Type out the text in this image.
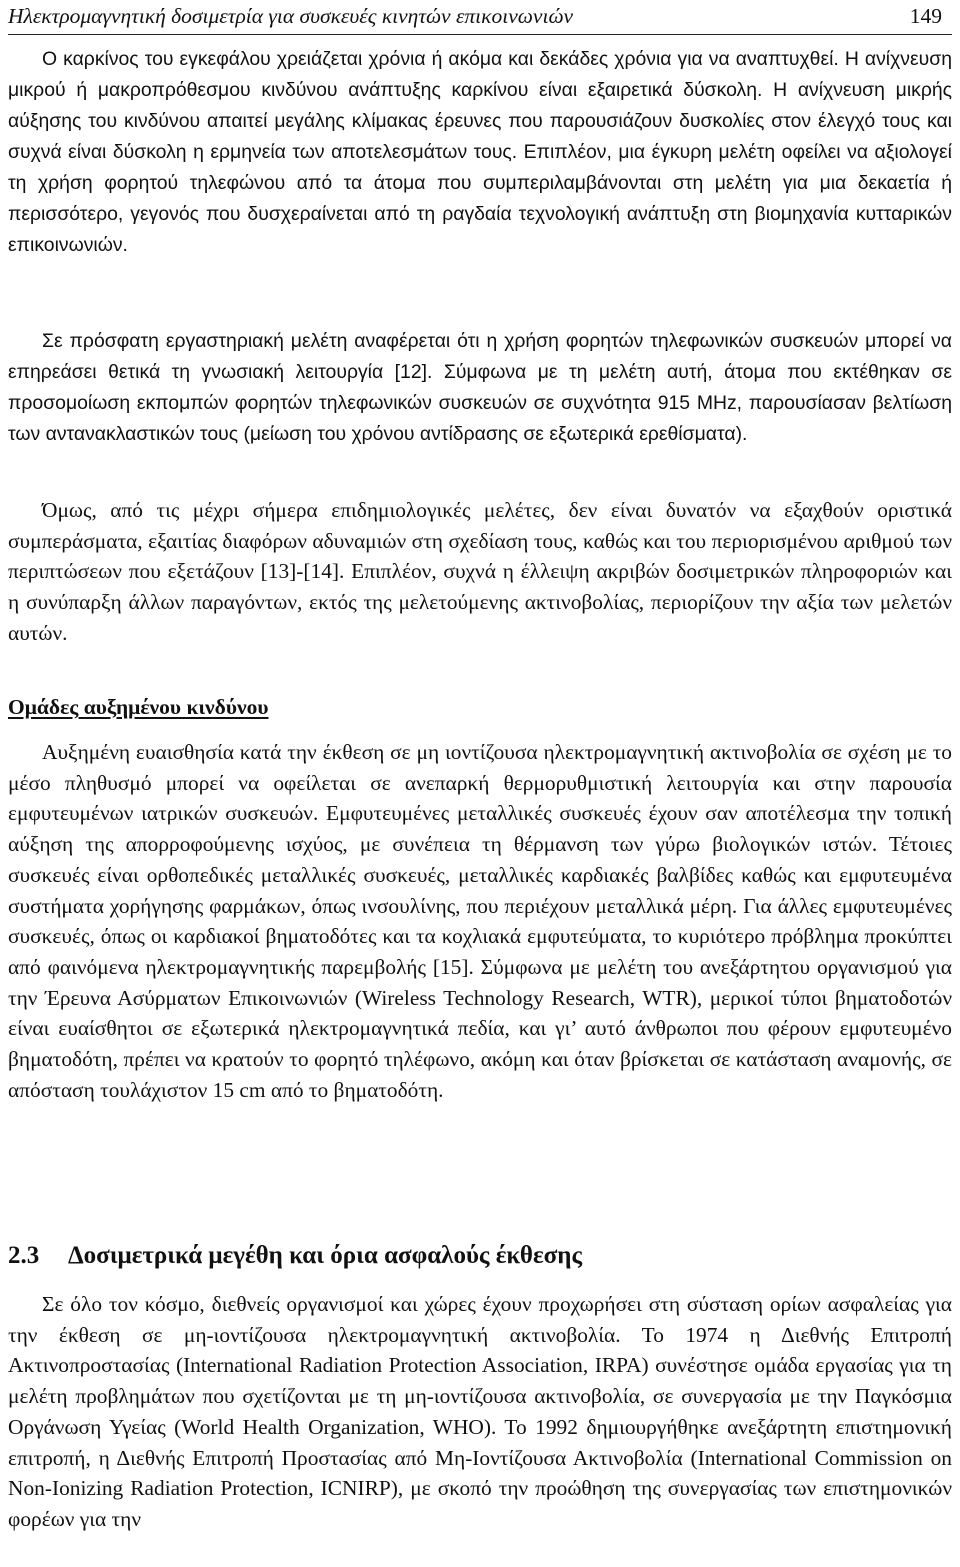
Ηλεκτρομαγνητική δοσιμετρία για συσκευές κινητών επικοινωνιών	149

Ο καρκίνος του εγκεφάλου χρειάζεται χρόνια ή ακόμα και δεκάδες χρόνια για να αναπτυχθεί. Η ανίχνευση μικρού ή μακροπρόθεσμου κινδύνου ανάπτυξης καρκίνου είναι εξαιρετικά δύσκολη. Η ανίχνευση μικρής αύξησης του κινδύνου απαιτεί μεγάλης κλίμακας έρευνες που παρουσιάζουν δυσκολίες στον έλεγχό τους και συχνά είναι δύσκολη η ερμηνεία των αποτελεσμάτων τους. Επιπλέον, μια έγκυρη μελέτη οφείλει να αξιολογεί τη χρήση φορητού τηλεφώνου από τα άτομα που συμπεριλαμβάνονται στη μελέτη για μια δεκαετία ή περισσότερο, γεγονός που δυσχεραίνεται από τη ραγδαία τεχνολογική ανάπτυξη στη βιομηχανία κυτταρικών επικοινωνιών.

Σε πρόσφατη εργαστηριακή μελέτη αναφέρεται ότι η χρήση φορητών τηλεφωνικών συσκευών μπορεί να επηρεάσει θετικά τη γνωσιακή λειτουργία [12]. Σύμφωνα με τη μελέτη αυτή, άτομα που εκτέθηκαν σε προσομοίωση εκπομπών φορητών τηλεφωνικών συσκευών σε συχνότητα 915 MHz, παρουσίασαν βελτίωση των αντανακλαστικών τους (μείωση του χρόνου αντίδρασης σε εξωτερικά ερεθίσματα).

Όμως, από τις μέχρι σήμερα επιδημιολογικές μελέτες, δεν είναι δυνατόν να εξαχθούν οριστικά συμπεράσματα, εξαιτίας διαφόρων αδυναμιών στη σχεδίαση τους, καθώς και του περιορισμένου αριθμού των περιπτώσεων που εξετάζουν [13]-[14]. Επιπλέον, συχνά η έλλειψη ακριβών δοσιμετρικών πληροφοριών και η συνύπαρξη άλλων παραγόντων, εκτός της μελετούμενης ακτινοβολίας, περιορίζουν την αξία των μελετών αυτών.

Ομάδες αυξημένου κινδύνου

Αυξημένη ευαισθησία κατά την έκθεση σε μη ιοντίζουσα ηλεκτρομαγνητική ακτινοβολία σε σχέση με το μέσο πληθυσμό μπορεί να οφείλεται σε ανεπαρκή θερμορυθμιστική λειτουργία και στην παρουσία εμφυτευμένων ιατρικών συσκευών. Εμφυτευμένες μεταλλικές συσκευές έχουν σαν αποτέλεσμα την τοπική αύξηση της απορροφούμενης ισχύος, με συνέπεια τη θέρμανση των γύρω βιολογικών ιστών. Τέτοιες συσκευές είναι ορθοπεδικές μεταλλικές συσκευές, μεταλλικές καρδιακές βαλβίδες καθώς και εμφυτευμένα συστήματα χορήγησης φαρμάκων, όπως ινσουλίνης, που περιέχουν μεταλλικά μέρη. Για άλλες εμφυτευμένες συσκευές, όπως οι καρδιακοί βηματοδότες και τα κοχλιακά εμφυτεύματα, το κυριότερο πρόβλημα προκύπτει από φαινόμενα ηλεκτρομαγνητικής παρεμβολής [15]. Σύμφωνα με μελέτη του ανεξάρτητου οργανισμού για την Έρευνα Ασύρματων Επικοινωνιών (Wireless Technology Research, WTR), μερικοί τύποι βηματοδοτών είναι ευαίσθητοι σε εξωτερικά ηλεκτρομαγνητικά πεδία, και γι’ αυτό άνθρωποι που φέρουν εμφυτευμένο βηματοδότη, πρέπει να κρατούν το φορητό τηλέφωνο, ακόμη και όταν βρίσκεται σε κατάσταση αναμονής, σε απόσταση τουλάχιστον 15 cm από το βηματοδότη.

2.3 Δοσιμετρικά μεγέθη και όρια ασφαλούς έκθεσης

Σε όλο τον κόσμο, διεθνείς οργανισμοί και χώρες έχουν προχωρήσει στη σύσταση ορίων ασφαλείας για την έκθεση σε μη-ιοντίζουσα ηλεκτρομαγνητική ακτινοβολία. Το 1974 η Διεθνής Επιτροπή Ακτινοπροστασίας (International Radiation Protection Association, IRPA) συνέστησε ομάδα εργασίας για τη μελέτη προβλημάτων που σχετίζονται με τη μη-ιοντίζουσα ακτινοβολία, σε συνεργασία με την Παγκόσμια Οργάνωση Υγείας (World Health Organization, WHO). Το 1992 δημιουργήθηκε ανεξάρτητη επιστημονική επιτροπή, η Διεθνής Επιτροπή Προστασίας από Μη-Ιοντίζουσα Ακτινοβολία (International Commission on Non-Ionizing Radiation Protection, ICNIRP), με σκοπό την προώθηση της συνεργασίας των επιστημονικών φορέων για την
